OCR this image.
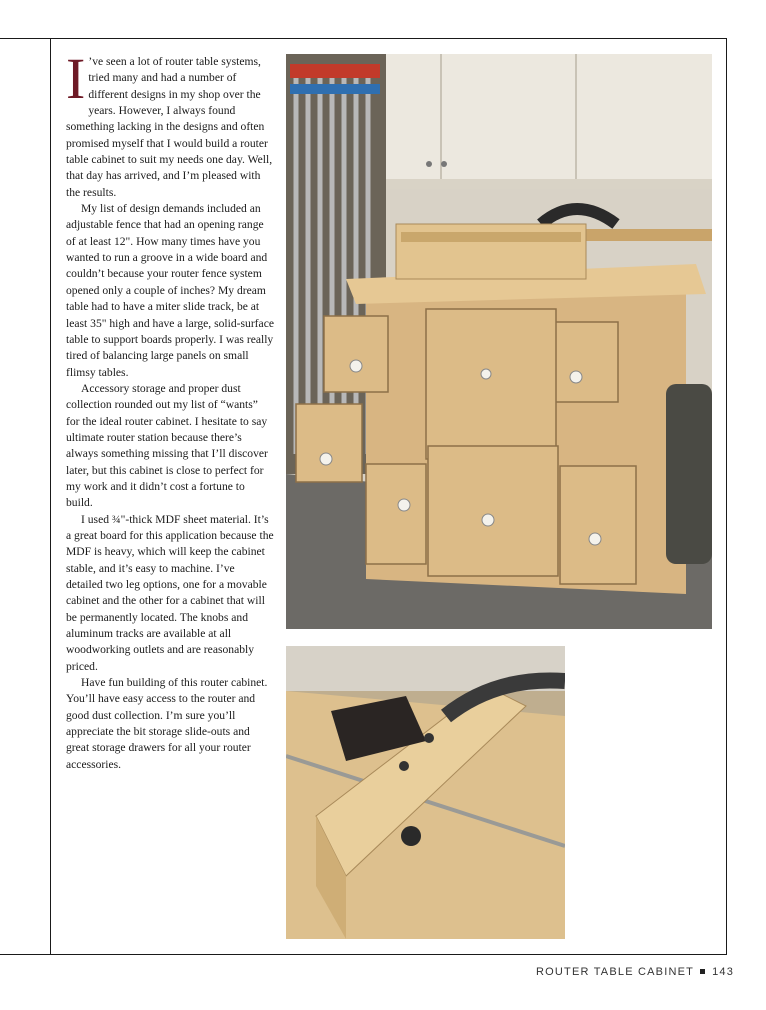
I ’ve seen a lot of router table systems, tried many and had a number of different designs in my shop over the years. However, I always found something lacking in the designs and often promised myself that I would build a router table cabinet to suit my needs one day. Well, that day has arrived, and I’m pleased with the results.

My list of design demands included an adjustable fence that had an opening range of at least 12". How many times have you wanted to run a groove in a wide board and couldn’t because your router fence system opened only a couple of inches? My dream table had to have a miter slide track, be at least 35" high and have a large, solid-surface table to support boards properly. I was really tired of balancing large panels on small flimsy tables.

Accessory storage and proper dust collection rounded out my list of “wants” for the ideal router cabinet. I hesitate to say ultimate router station because there’s always something missing that I’ll discover later, but this cabinet is close to perfect for my work and it didn’t cost a fortune to build.

I used ¾"-thick MDF sheet material. It’s a great board for this application because the MDF is heavy, which will keep the cabinet stable, and it’s easy to machine. I’ve detailed two leg options, one for a movable cabinet and the other for a cabinet that will be permanently located. The knobs and aluminum tracks are available at all woodworking outlets and are reasonably priced.

Have fun building of this router cabinet. You’ll have easy access to the router and good dust collection. I’m sure you’ll appreciate the bit storage slide-outs and great storage drawers for all your router accessories.

ROUTER TABLE CABINET 143
